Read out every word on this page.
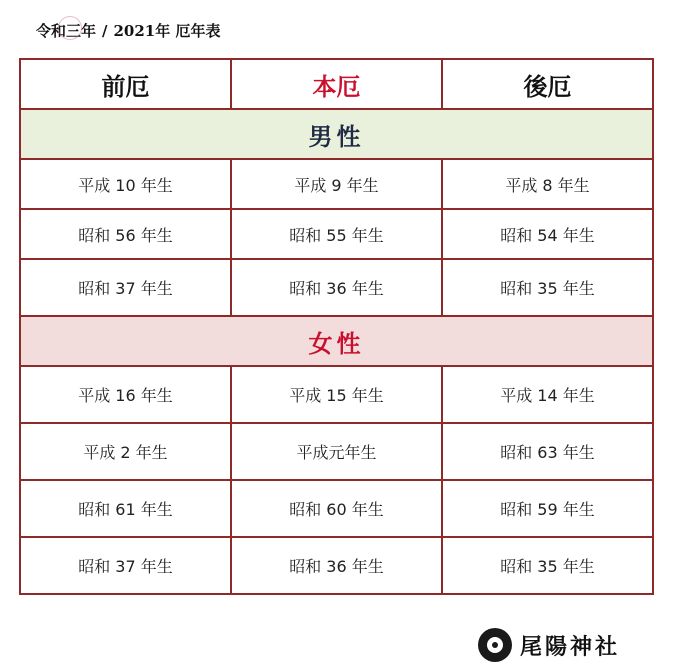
令和三年 / 2021年 厄年表
前厄	本厄	後厄
男性		
平成 10 年生	平成 9 年生	平成 8 年生
昭和 56 年生	昭和 55 年生	昭和 54 年生
昭和 37 年生	昭和 36 年生	昭和 35 年生
女性		
平成 16 年生	平成 15 年生	平成 14 年生
平成 2 年生	平成元年生	昭和 63 年生
昭和 61 年生	昭和 60 年生	昭和 59 年生
昭和 37 年生	昭和 36 年生	昭和 35 年生
尾陽神社
